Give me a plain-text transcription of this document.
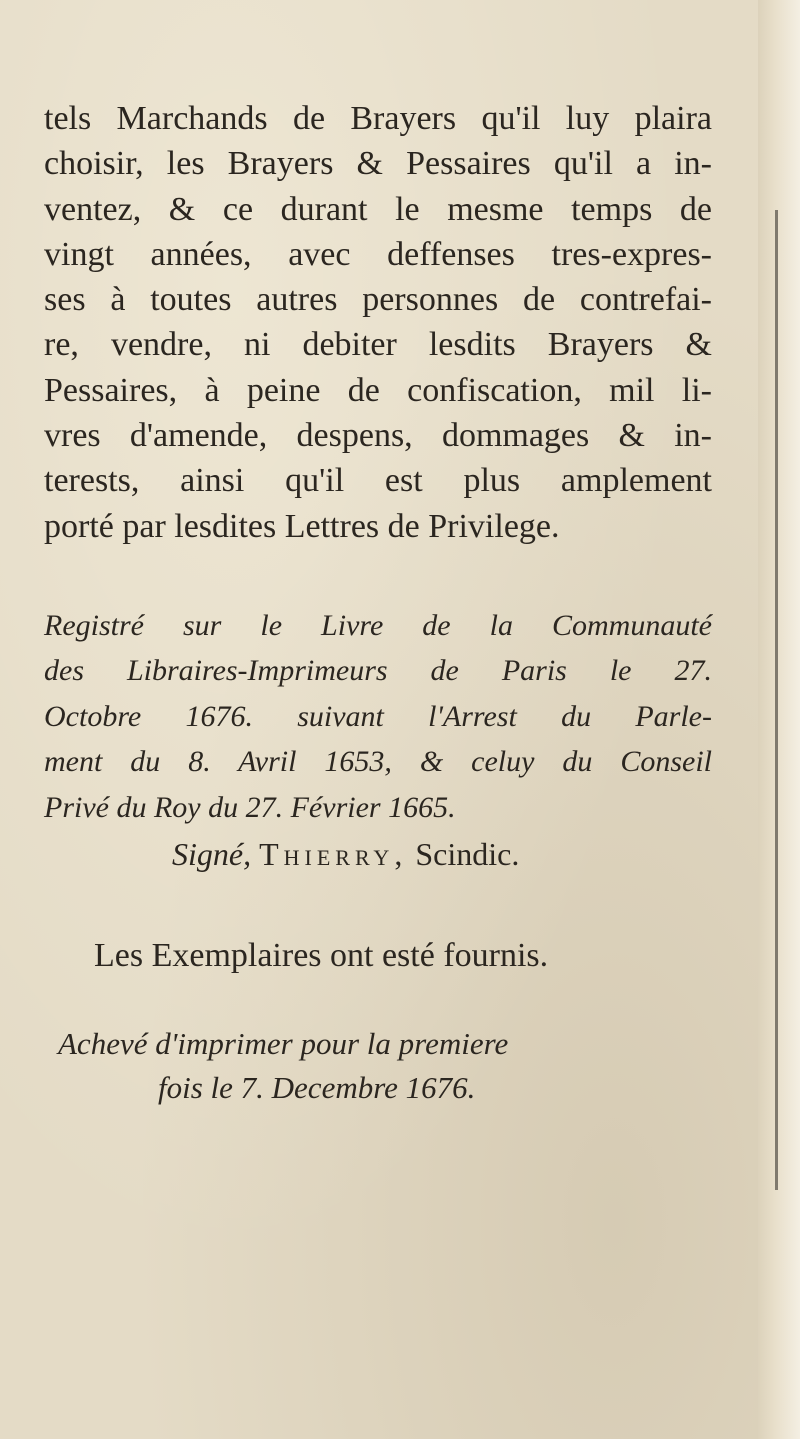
tels Marchands de Brayers qu'il luy plaira
choisir, les Brayers & Pessaires qu'il a in-
ventez, & ce durant le mesme temps de
vingt années, avec deffenses tres-expres-
ses à toutes autres personnes de contrefai-
re, vendre, ni debiter lesdits Brayers &
Pessaires, à peine de confiscation, mil li-
vres d'amende, despens, dommages & in-
terests, ainsi qu'il est plus amplement
porté par lesdites Lettres de Privilege.
Registré sur le Livre de la Communauté
des Libraires-Imprimeurs de Paris le 27.
Octobre 1676. suivant l'Arrest du Parle-
ment du 8. Avril 1653, & celuy du Conseil
Privé du Roy du 27. Février 1665.
Signé, Thierry, Scindic.
Les Exemplaires ont esté fournis.
Achevé d'imprimer pour la premiere
fois le 7. Decembre 1676.
